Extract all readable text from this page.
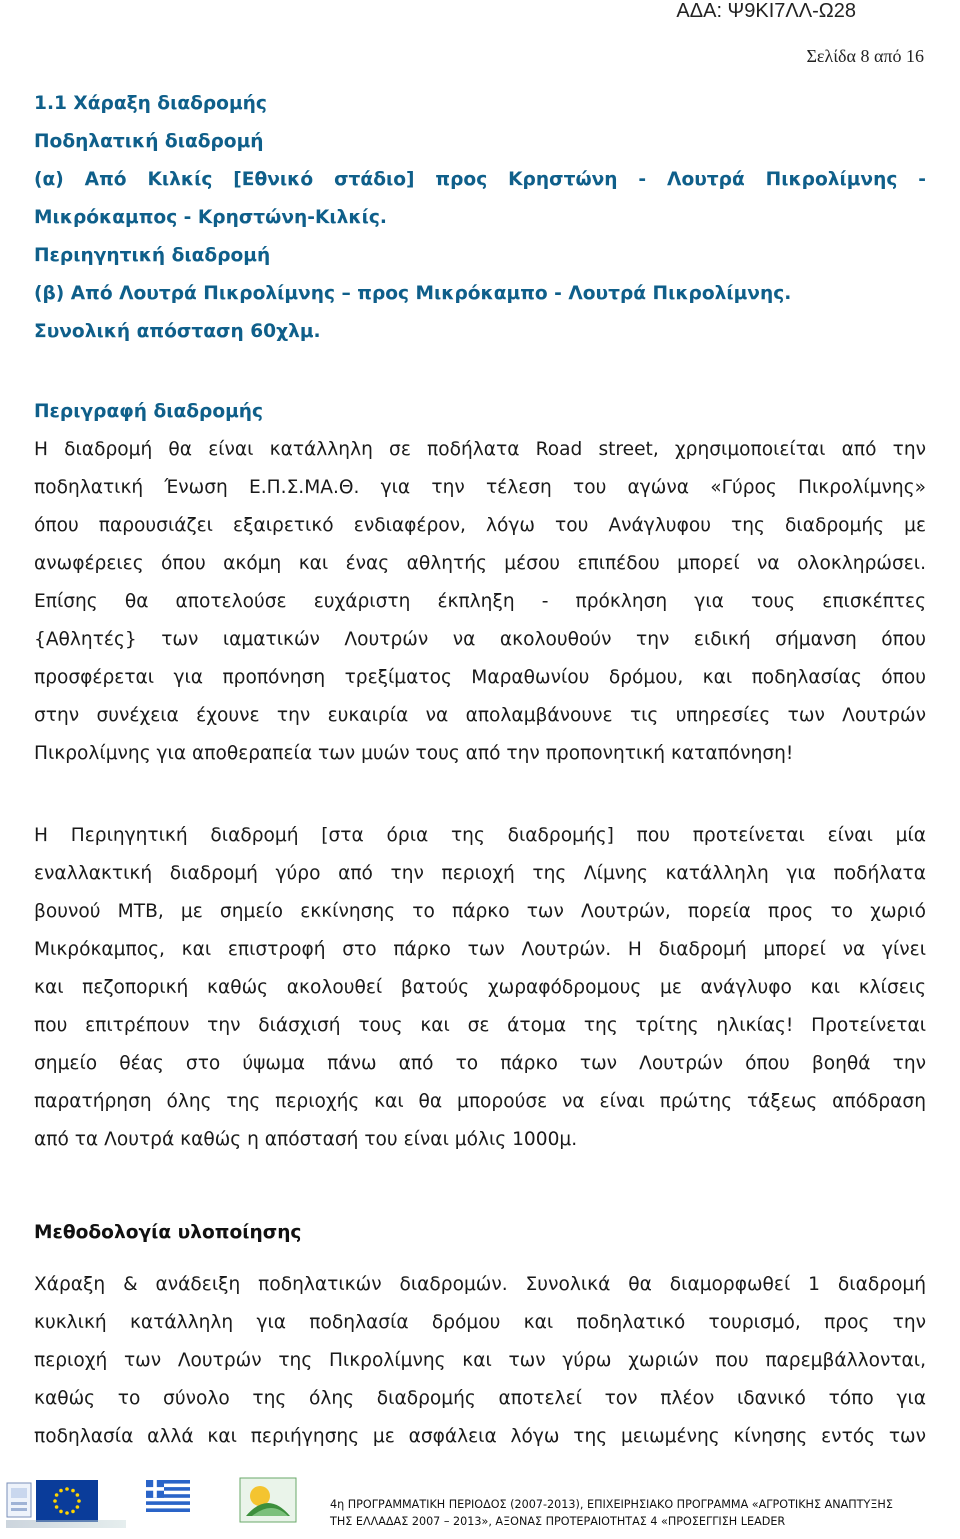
ΑΔΑ: Ψ9ΚΙ7ΛΛ-Ω28
Σελίδα 8 από 16
1.1 Χάραξη διαδρομής
Ποδηλατική διαδρομή
(α) Από Κιλκίς [Εθνικό στάδιο] προς Κρηστώνη - Λουτρά Πικρολίμνης -
Μικρόκαμπος - Κρηστώνη-Κιλκίς.
Περιηγητική διαδρομή
(β) Από Λουτρά Πικρολίμνης – προς Μικρόκαμπο - Λουτρά Πικρολίμνης.
Συνολική απόσταση 60χλμ.
Περιγραφή διαδρομής
Η διαδρομή θα είναι κατάλληλη σε ποδήλατα Road street, χρησιμοποιείται από την
ποδηλατική Ένωση Ε.Π.Σ.ΜΑ.Θ. για την τέλεση του αγώνα «Γύρος Πικρολίμνης»
όπου παρουσιάζει εξαιρετικό ενδιαφέρον, λόγω του Ανάγλυφου της διαδρομής με
ανωφέρειες όπου ακόμη και ένας αθλητής μέσου επιπέδου μπορεί να ολοκληρώσει.
Επίσης θα αποτελούσε ευχάριστη έκπληξη - πρόκληση για τους επισκέπτες
{Αθλητές} των ιαματικών Λουτρών να ακολουθούν την ειδική σήμανση όπου
προσφέρεται για προπόνηση τρεξίματος Μαραθωνίου δρόμου, και ποδηλασίας όπου
στην συνέχεια έχουνε την ευκαιρία να απολαμβάνουνε τις υπηρεσίες των Λουτρών
Πικρολίμνης για αποθεραπεία των μυών τους από την προπονητική καταπόνηση!
Η Περιηγητική διαδρομή [στα όρια της διαδρομής] που προτείνεται είναι μία
εναλλακτική διαδρομή γύρο από την περιοχή της Λίμνης κατάλληλη για ποδήλατα
βουνού ΜΤΒ, με σημείο εκκίνησης το πάρκο των Λουτρών, πορεία προς το χωριό
Μικρόκαμπος, και επιστροφή στο πάρκο των Λουτρών. Η διαδρομή μπορεί να γίνει
και πεζοπορική καθώς ακολουθεί βατούς χωραφόδρομους με ανάγλυφο και κλίσεις
που επιτρέπουν την διάσχισή τους και σε άτομα της τρίτης ηλικίας! Προτείνεται
σημείο θέας στο ύψωμα πάνω από το πάρκο των Λουτρών όπου βοηθά την
παρατήρηση όλης της περιοχής και θα μπορούσε να είναι πρώτης τάξεως απόδραση
από τα Λουτρά καθώς η απόστασή του είναι μόλις 1000μ.
Μεθοδολογία υλοποίησης
Χάραξη & ανάδειξη ποδηλατικών διαδρομών. Συνολικά θα διαμορφωθεί 1 διαδρομή
κυκλική κατάλληλη για ποδηλασία δρόμου και ποδηλατικό τουρισμό, προς την
περιοχή των Λουτρών της Πικρολίμνης και των γύρω χωριών που παρεμβάλλονται,
καθώς το σύνολο της όλης διαδρομής αποτελεί τον πλέον ιδανικό τόπο για
ποδηλασία αλλά και περιήγησης με ασφάλεια λόγω της μειωμένης κίνησης εντός των
4η ΠΡΟΓΡΑΜΜΑΤΙΚΗ ΠΕΡΙΟΔΟΣ (2007-2013), ΕΠΙΧΕΙΡΗΣΙΑΚΟ ΠΡΟΓΡΑΜΜΑ «ΑΓΡΟΤΙΚΗΣ ΑΝΑΠΤΥΞΗΣ
ΤΗΣ ΕΛΛΑΔΑΣ 2007 – 2013», ΑΞΟΝΑΣ ΠΡΟΤΕΡΑΙΟΤΗΤΑΣ 4 «ΠΡΟΣΕΓΓΙΣΗ LEADER
